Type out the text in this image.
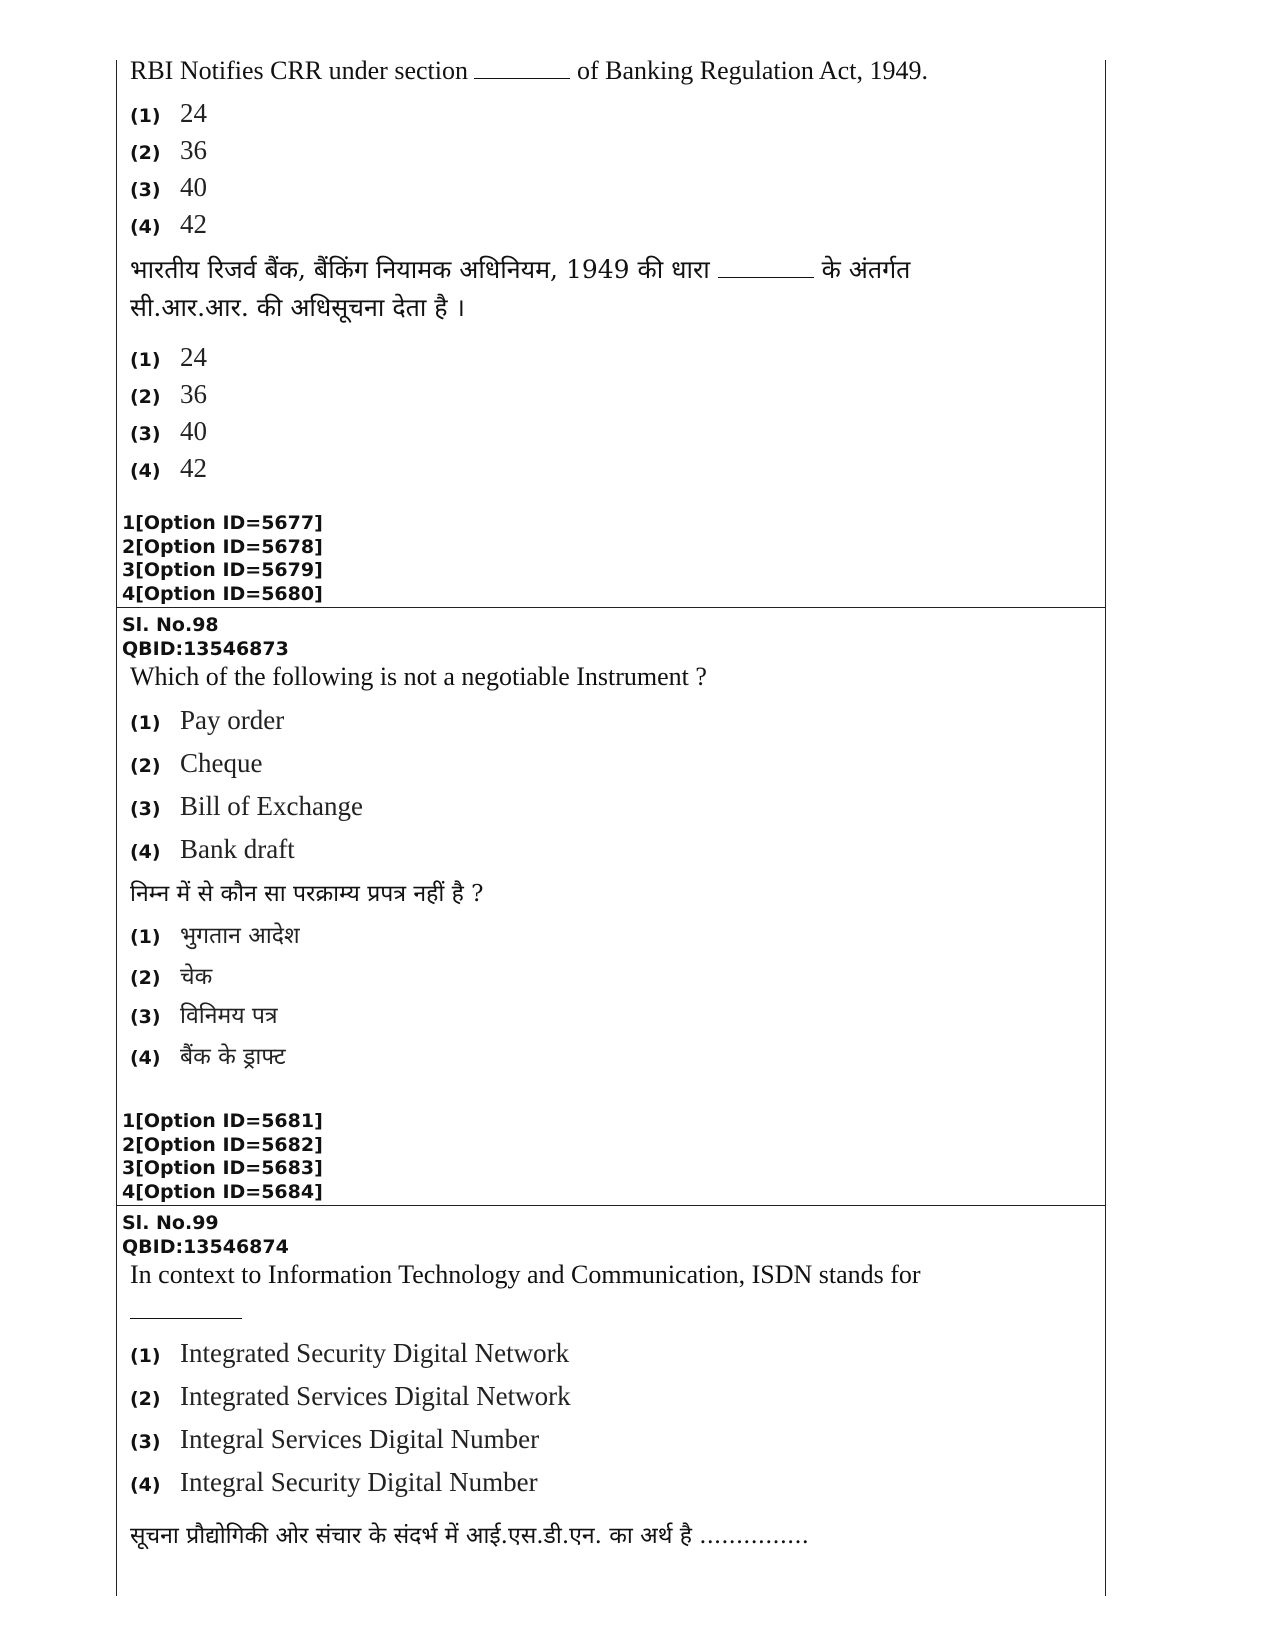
RBI Notifies CRR under section	of Banking Regulation Act, 1949.
(1) 24
(2) 36
(3) 40
(4) 42
भारतीय रिजर्व बैंक, बैंकिंग नियामक अधिनियम, 1949 की धारा	के अंतर्गत
सी.आर.आर. की अधिसूचना देता है ।
(1) 24
(2) 36
(3) 40
(4) 42
1[Option ID=5677]
2[Option ID=5678]
3[Option ID=5679]
4[Option ID=5680]
Sl. No.98
QBID:13546873
Which of the following is not a negotiable Instrument ?
(1) Pay order
(2) Cheque
(3) Bill of Exchange
(4) Bank draft
निम्न में से कौन सा परक्राम्य प्रपत्र नहीं है ?
(1) भुगतान आदेश
(2) चेक
(3) विनिमय पत्र
(4) बैंक के ड्राफ्ट
1[Option ID=5681]
2[Option ID=5682]
3[Option ID=5683]
4[Option ID=5684]
Sl. No.99
QBID:13546874
In context to Information Technology and Communication, ISDN stands for
(1) Integrated Security Digital Network
(2) Integrated Services Digital Network
(3) Integral Services Digital Number
(4) Integral Security Digital Number
सूचना प्रौद्योगिकी ओर संचार के संदर्भ में आई.एस.डी.एन. का अर्थ है ...............
